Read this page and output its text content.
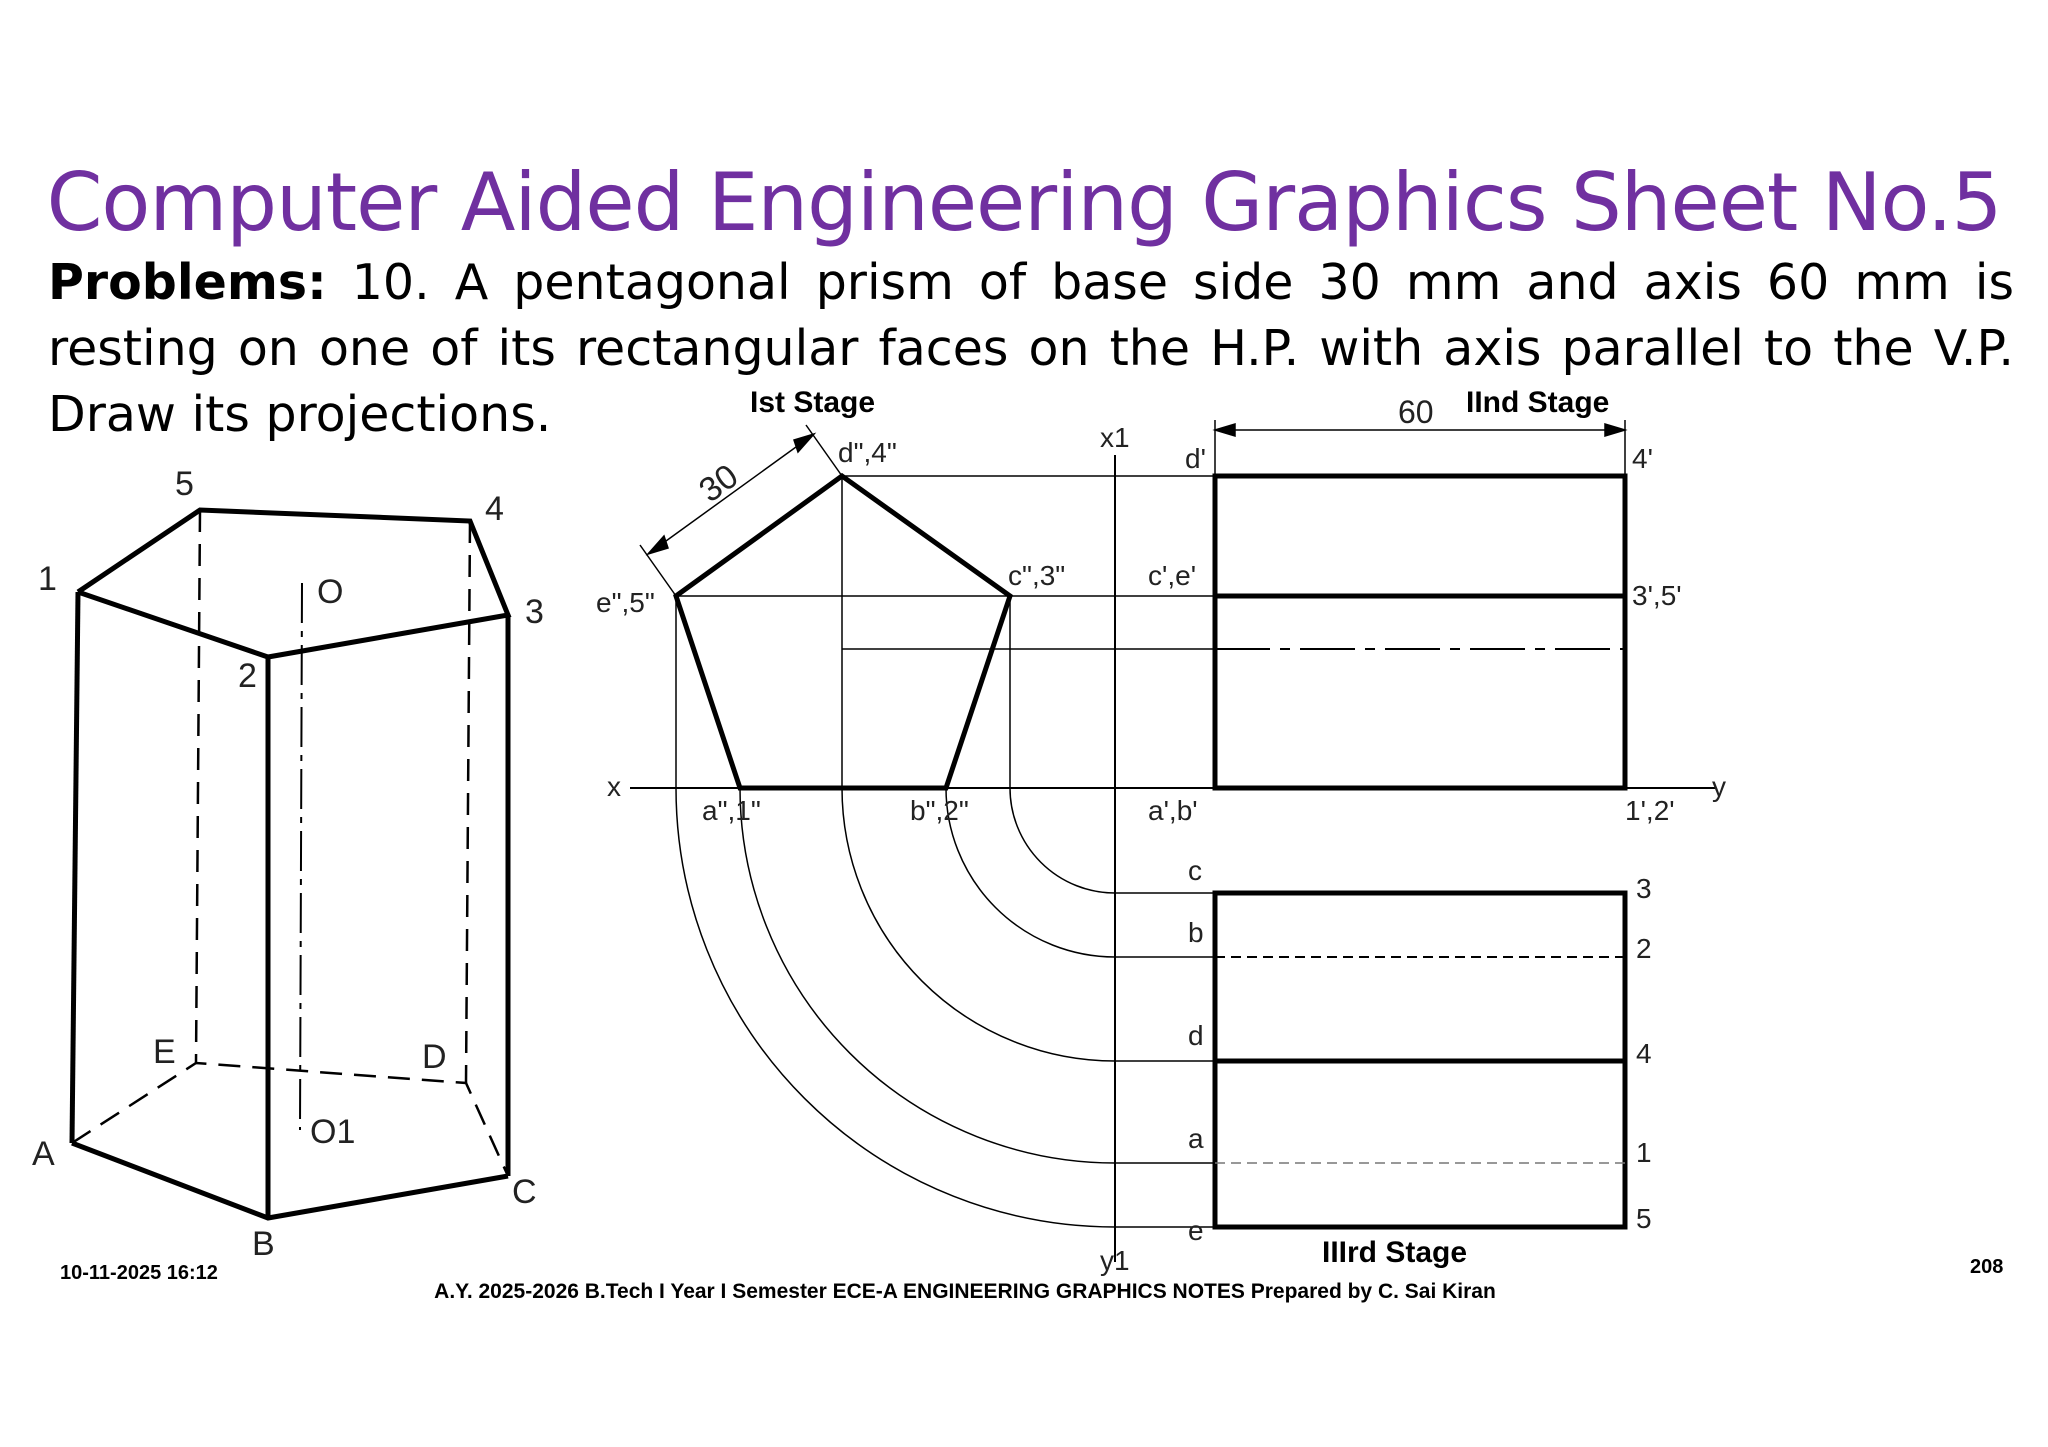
Computer Aided Engineering Graphics Sheet No.5
Problems: 10. A pentagonal prism of base side 30 mm and axis 60 mm is resting on one of its rectangular faces on the H.P. with axis parallel to the V.P. Draw its projections.
5
4
1	O
3
2
E	D
O1
A
C
B
30
60
x	y
x1
y1
d",4"
c",3"
e",5"
a",1"	b",2"
d'
c',e'
a',b'
4'
3',5'
1',2'
c
b
d
a
e
3
2
4
1
5
Ist Stage	IInd Stage
IIIrd Stage
10-11-2025 16:12
A.Y. 2025-2026 B.Tech I Year I Semester ECE-A ENGINEERING GRAPHICS NOTES Prepared by C. Sai Kiran
208
